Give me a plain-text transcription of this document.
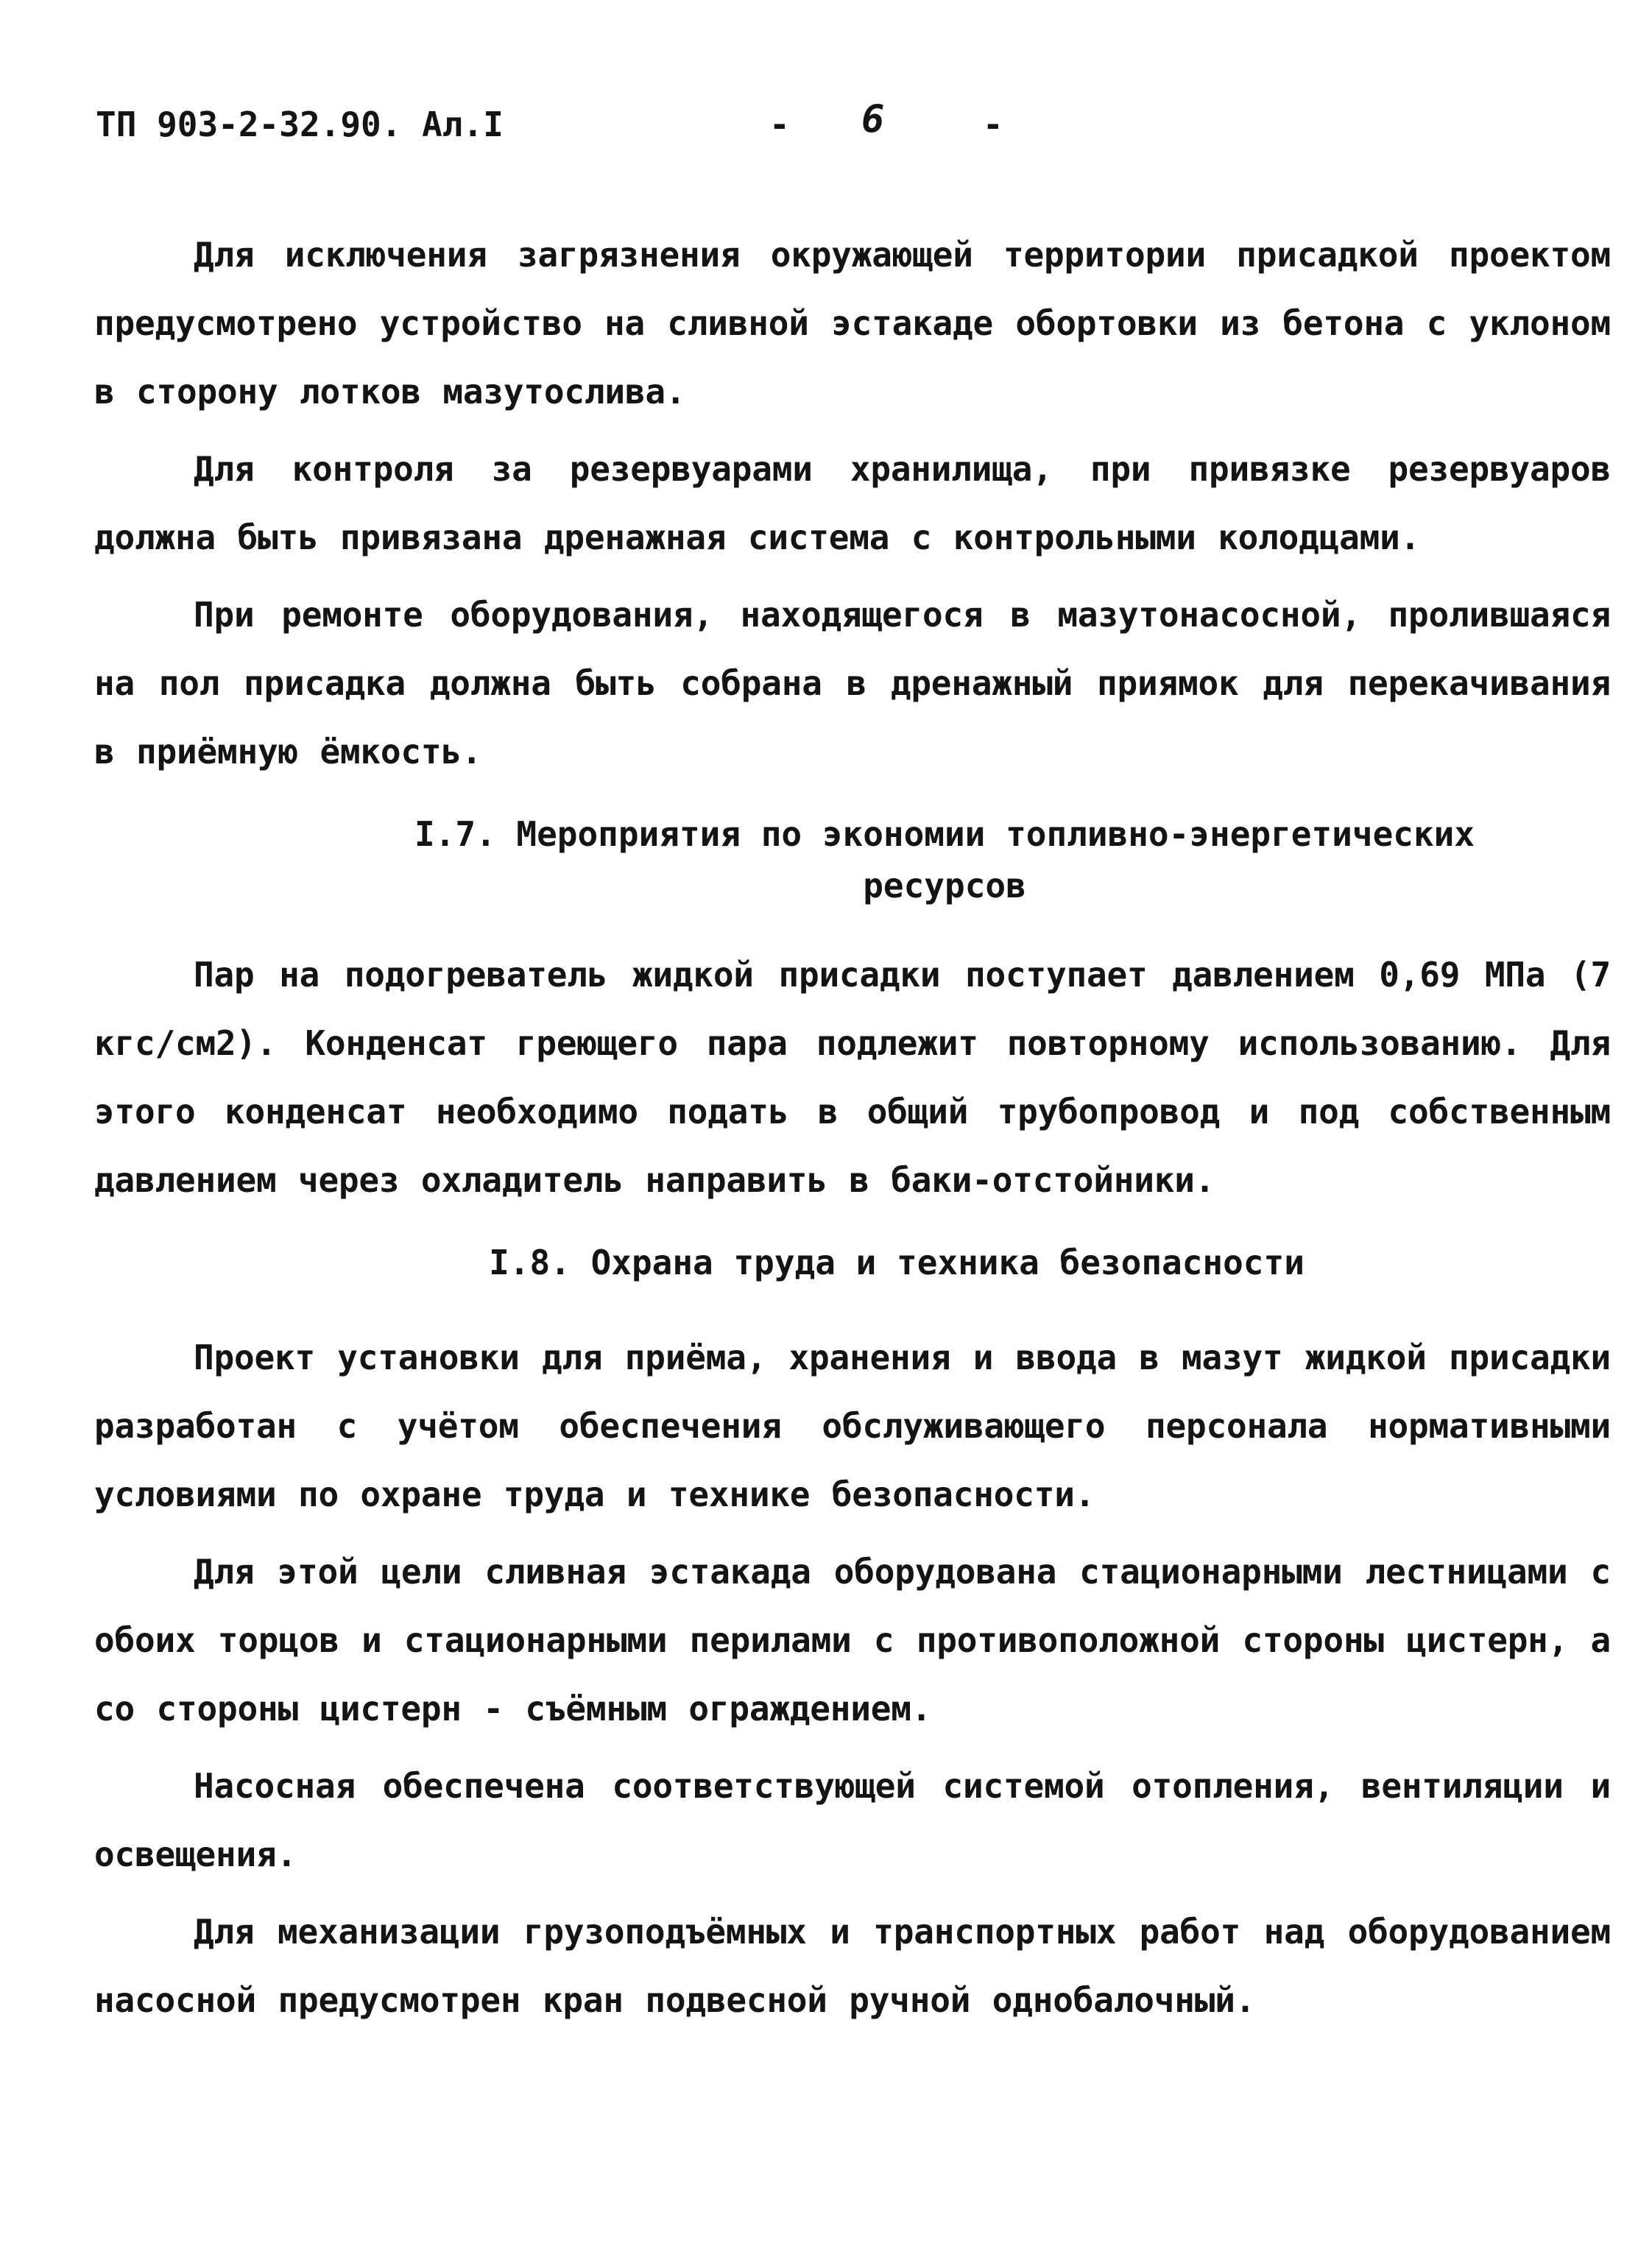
ТП 903-2-32.90. Ал.I	- 6	-

Для исключения загрязнения окружающей территории присадкой проектом предусмотрено устройство на сливной эстакаде обортовки из бетона с уклоном в сторону лотков мазутослива.

Для контроля за резервуарами хранилища, при привязке резервуаров должна быть привязана дренажная система с контрольными колодцами.

При ремонте оборудования, находящегося в мазутонасосной, пролившаяся на пол присадка должна быть собрана в дренажный приямок для перекачивания в приёмную ёмкость.

I.7. Мероприятия по экономии топливно-энергетических
ресурсов

Пар на подогреватель жидкой присадки поступает давлением 0,69 МПа (7 кгс/см2). Конденсат греющего пара подлежит повторному использованию. Для этого конденсат необходимо подать в общий трубопровод и под собственным давлением через охладитель направить в баки-отстойники.

I.8. Охрана труда и техника безопасности

Проект установки для приёма, хранения и ввода в мазут жидкой присадки разработан с учётом обеспечения обслуживающего персонала нормативными условиями по охране труда и технике безопасности.

Для этой цели сливная эстакада оборудована стационарными лестницами с обоих торцов и стационарными перилами с противоположной стороны цистерн, а со стороны цистерн - съёмным ограждением.

Насосная обеспечена соответствующей системой отопления, вентиляции и освещения.

Для механизации грузоподъёмных и транспортных работ над оборудованием насосной предусмотрен кран подвесной ручной однобалочный.
